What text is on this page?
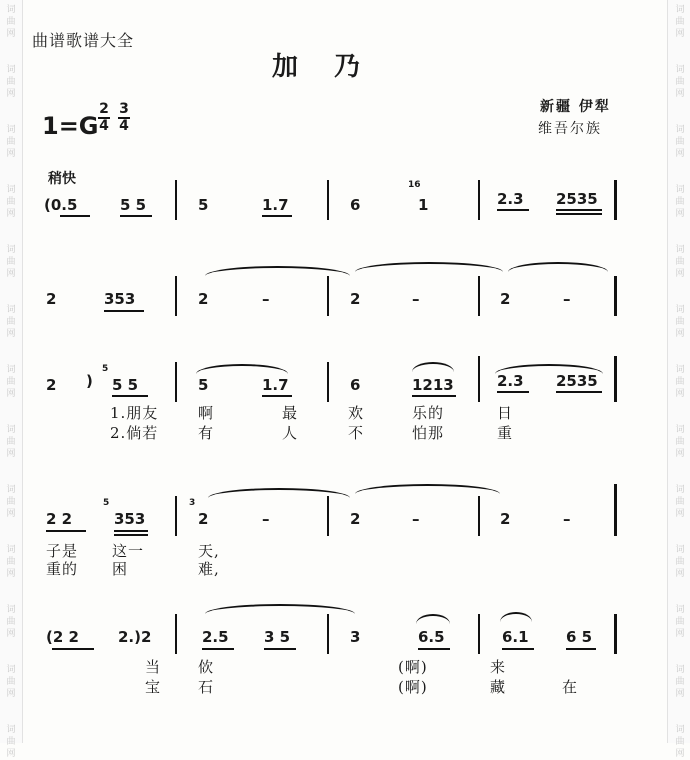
词
曲
网
词
曲
网
词
曲
网
词
曲
网
词
曲
网
词
曲
网
词
曲
网
词
曲
网
词
曲
网
词
曲
网
词
曲
网
词
曲
网
词
曲
网
词
曲
网
词
曲
网
词
曲
网
词
曲
网
词
曲
网
词
曲
网
词
曲
网
词
曲
网
词
曲
网
词
曲
网
词
曲
网
词
曲
网
词
曲
网
曲谱歌谱大全
加乃
1=G
2
4
3
4
新疆 伊犁
维吾尔族
稍快
(0.5	5 5	5	1.7	6
16
1	2.3 2535
2	353	2	–	2	–	2	–
2 )
5
5 5	5	1.7	6	1213	2.3 2535
1.朋友	啊	最	欢	乐的	日
2.倘若	有	人	不	怕那	重
2 2
5
353
3
2	–	2	–	2	–
子是 这一	天,
重的 困	难,
(2 2	2.)2	2.5 3 5	3	6.5	6.1 6 5
当 佽	(啊)	来
宝 石	(啊)	藏	在
